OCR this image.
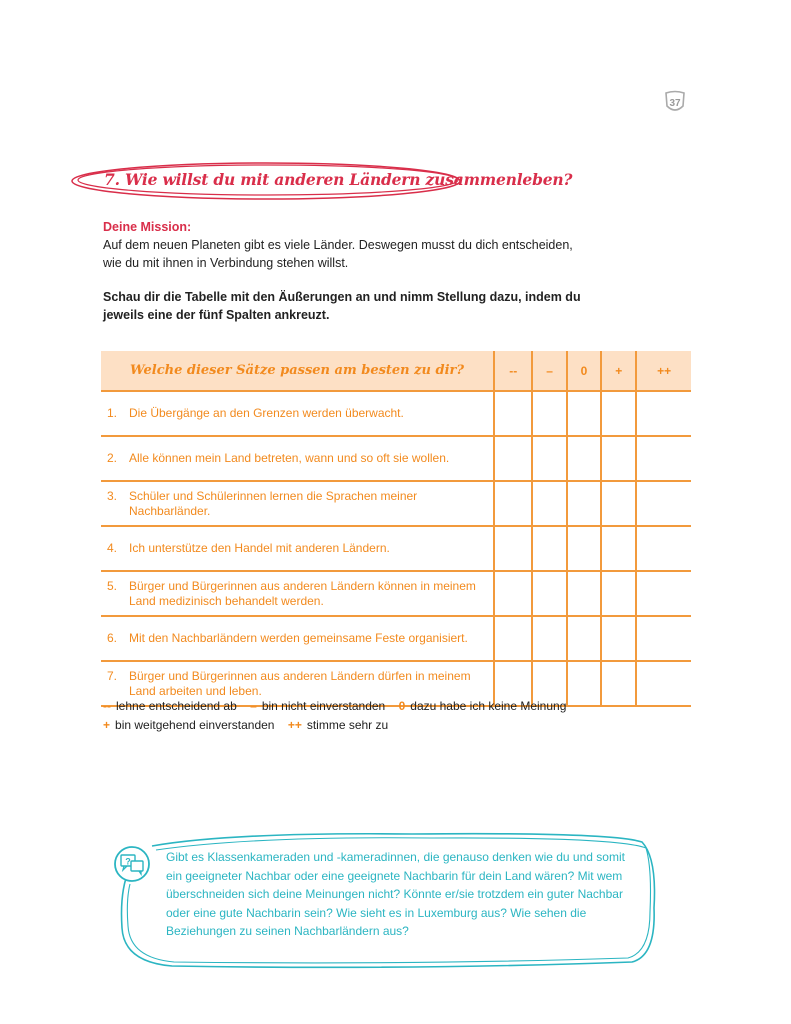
37
7. Wie willst du mit anderen Ländern zusammenleben?
Deine Mission:
Auf dem neuen Planeten gibt es viele Länder. Deswegen musst du dich entscheiden, wie du mit ihnen in Verbindung stehen willst.
Schau dir die Tabelle mit den Äußerungen an und nimm Stellung dazu, indem du jeweils eine der fünf Spalten ankreuzt.
Welche dieser Sätze passen am besten zu dir?	--	–	0	+	++

1. Die Übergänge an den Grenzen werden überwacht.					

2. Alle können mein Land betreten, wann und so oft sie wollen.					

3. Schüler und Schülerinnen lernen die Sprachen meiner Nachbarländer.					

4. Ich unterstütze den Handel mit anderen Ländern.					

5. Bürger und Bürgerinnen aus anderen Ländern können in meinem Land medizinisch behandelt werden.					

6. Mit den Nachbarländern werden gemeinsame Feste organisiert.					

7. Bürger und Bürgerinnen aus anderen Ländern dürfen in meinem Land arbeiten und leben.					

-- lehne entscheidend ab – bin nicht einverstanden 0 dazu habe ich keine Meinung
+ bin weitgehend einverstanden ++ stimme sehr zu
?	Gibt es Klassenkameraden und -kameradinnen, die genauso denken wie du und somit ein geeigneter Nachbar oder eine geeignete Nachbarin für dein Land wären? Mit wem überschneiden sich deine Meinungen nicht? Könnte er/sie trotzdem ein guter Nachbar oder eine gute Nachbarin sein? Wie sieht es in Luxemburg aus? Wie sehen die Beziehungen zu seinen Nachbarländern aus?
